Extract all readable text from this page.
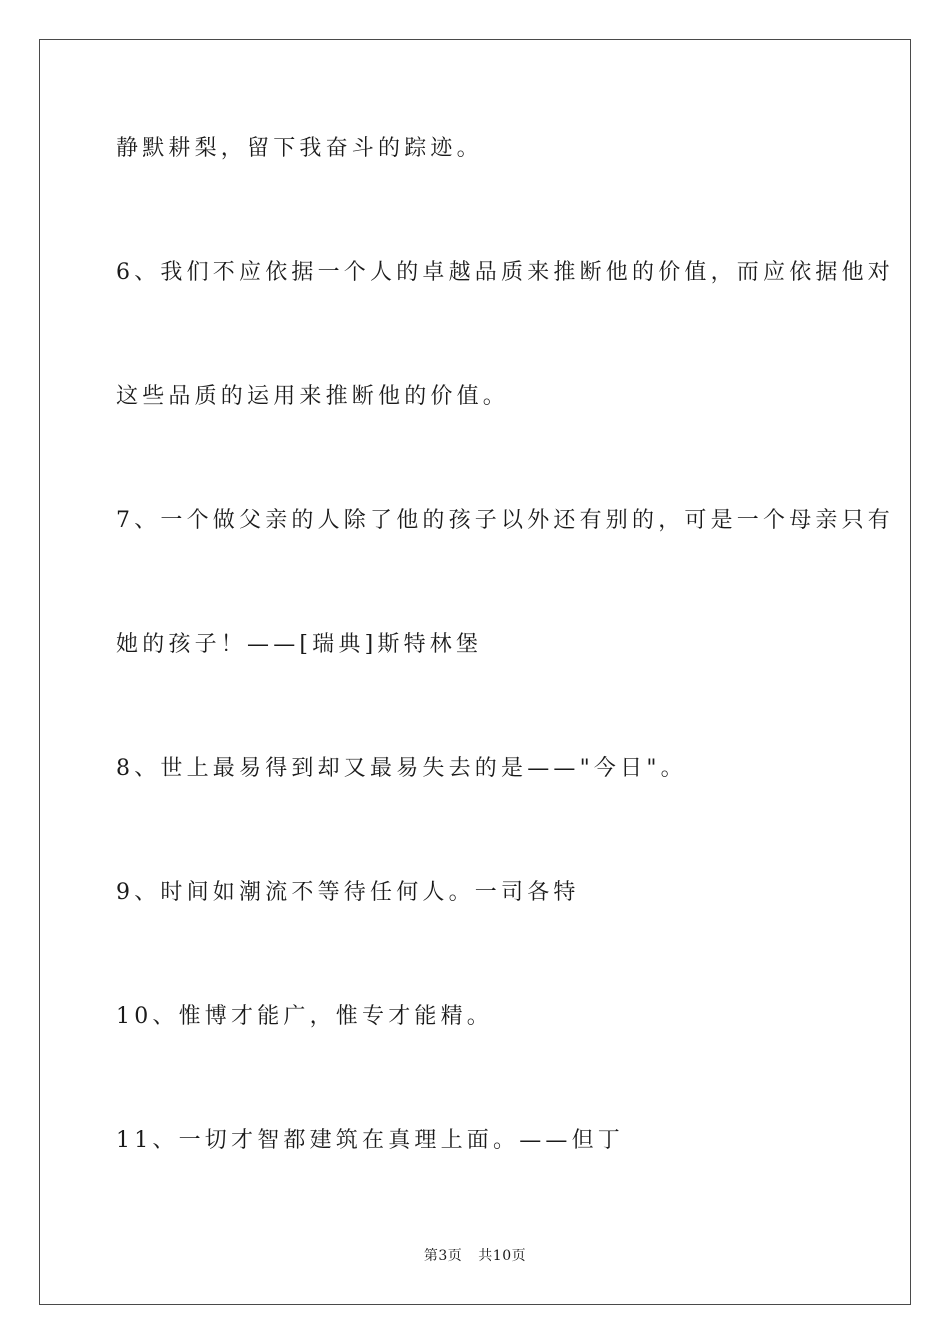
静默耕梨，留下我奋斗的踪迹。
6、我们不应依据一个人的卓越品质来推断他的价值，而应依据他对
这些品质的运用来推断他的价值。
7、一个做父亲的人除了他的孩子以外还有别的，可是一个母亲只有
她的孩子！——[瑞典]斯特林堡
8、世上最易得到却又最易失去的是——"今日"。
9、时间如潮流不等待任何人。一司各特
10、惟博才能广，惟专才能精。
11、一切才智都建筑在真理上面。——但丁
第3页 共10页
